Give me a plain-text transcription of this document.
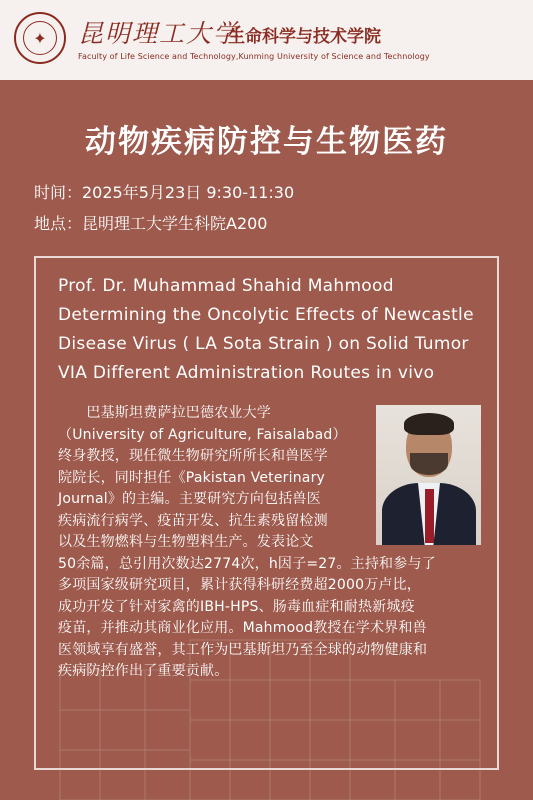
✦	昆明理工大学
生命科学与技术学院
Faculty of Life Science and Technology,Kunming University of Science and Technology
动物疾病防控与生物医药
时间：2025年5月23日 9:30-11:30
地点：昆明理工大学生科院A200
Prof. Dr. Muhammad Shahid Mahmood
Determining the Oncolytic Effects of Newcastle
Disease Virus ( LA Sota Strain ) on Solid Tumor
VIA Different Administration Routes in vivo
　　巴基斯坦费萨拉巴德农业大学
（University of Agriculture, Faisalabad）
终身教授，现任微生物研究所所长和兽医学
院院长，同时担任《Pakistan Veterinary
Journal》的主编。主要研究方向包括兽医
疾病流行病学、疫苗开发、抗生素残留检测
以及生物燃料与生物塑料生产。发表论文
50余篇，总引用次数达2774次，h因子=27。主持和参与了
多项国家级研究项目，累计获得科研经费超2000万卢比，
成功开发了针对家禽的IBH-HPS、肠毒血症和耐热新城疫
疫苗，并推动其商业化应用。Mahmood教授在学术界和兽
医领域享有盛誉，其工作为巴基斯坦乃至全球的动物健康和
疾病防控作出了重要贡献。
